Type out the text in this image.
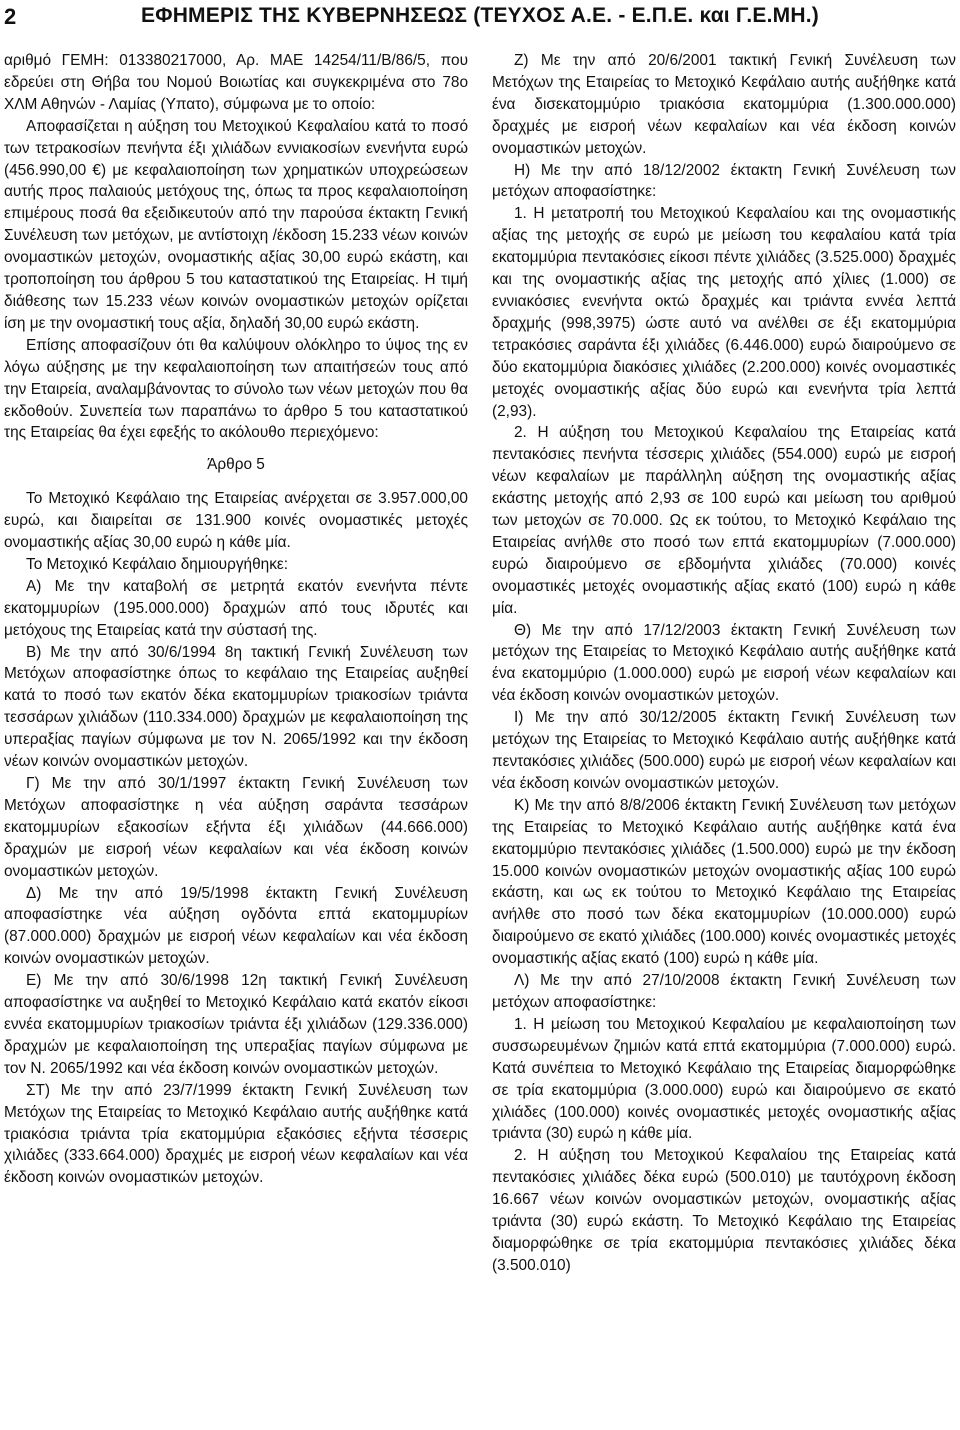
2	ΕΦΗΜΕΡΙΣ ΤΗΣ ΚΥΒΕΡΝΗΣΕΩΣ (ΤΕΥΧΟΣ Α.Ε. - Ε.Π.Ε. και Γ.Ε.ΜΗ.)

αριθμό ΓΕΜΗ: 013380217000, Αρ. ΜΑΕ 14254/11/Β/86/5, που εδρεύει στη Θήβα του Νομού Βοιωτίας και συγκεκριμένα στο 78ο ΧΛΜ Αθηνών - Λαμίας (Υπατο), σύμφωνα με το οποίο:

Αποφασίζεται η αύξηση του Μετοχικού Κεφαλαίου κατά το ποσό των τετρακοσίων πενήντα έξι χιλιάδων εννιακοσίων ενενήντα ευρώ (456.990,00 €) με κεφαλαιοποίηση των χρηματικών υποχρεώσεων αυτής προς παλαιούς μετόχους της, όπως τα προς κεφαλαιοποίηση επιμέρους ποσά θα εξειδικευτούν από την παρούσα έκτακτη Γενική Συνέλευση των μετόχων, με αντίστοιχη /έκδοση 15.233 νέων κοινών ονομαστικών μετοχών, ονομαστικής αξίας 30,00 ευρώ εκάστη, και τροποποίηση του άρθρου 5 του καταστατικού της Εταιρείας. Η τιμή διάθεσης των 15.233 νέων κοινών ονομαστικών μετοχών ορίζεται ίση με την ονομαστική τους αξία, δηλαδή 30,00 ευρώ εκάστη.

Επίσης αποφασίζουν ότι θα καλύψουν ολόκληρο το ύψος της εν λόγω αύξησης με την κεφαλαιοποίηση των απαιτήσεών τους από την Εταιρεία, αναλαμβάνοντας το σύνολο των νέων μετοχών που θα εκδοθούν. Συνεπεία των παραπάνω το άρθρο 5 του καταστατικού της Εταιρείας θα έχει εφεξής το ακόλουθο περιεχόμενο:

Άρθρο 5

Το Μετοχικό Κεφάλαιο της Εταιρείας ανέρχεται σε 3.957.000,00 ευρώ, και διαιρείται σε 131.900 κοινές ονομαστικές μετοχές ονομαστικής αξίας 30,00 ευρώ η κάθε μία.

Το Μετοχικό Κεφάλαιο δημιουργήθηκε:

Α) Με την καταβολή σε μετρητά εκατόν ενενήντα πέντε εκατομμυρίων (195.000.000) δραχμών από τους ιδρυτές και μετόχους της Εταιρείας κατά την σύστασή της.

Β) Με την από 30/6/1994 8η τακτική Γενική Συνέλευση των Μετόχων αποφασίστηκε όπως το κεφάλαιο της Εταιρείας αυξηθεί κατά το ποσό των εκατόν δέκα εκατομμυρίων τριακοσίων τριάντα τεσσάρων χιλιάδων (110.334.000) δραχμών με κεφαλαιοποίηση της υπεραξίας παγίων σύμφωνα με τον Ν. 2065/1992 και την έκδοση νέων κοινών ονομαστικών μετοχών.

Γ) Με την από 30/1/1997 έκτακτη Γενική Συνέλευση των Μετόχων αποφασίστηκε η νέα αύξηση σαράντα τεσσάρων εκατομμυρίων εξακοσίων εξήντα έξι χιλιάδων (44.666.000) δραχμών με εισροή νέων κεφαλαίων και νέα έκδοση κοινών ονομαστικών μετοχών.

Δ) Με την από 19/5/1998 έκτακτη Γενική Συνέλευση αποφασίστηκε νέα αύξηση ογδόντα επτά εκατομμυρίων (87.000.000) δραχμών με εισροή νέων κεφαλαίων και νέα έκδοση κοινών ονομαστικών μετοχών.

Ε) Με την από 30/6/1998 12η τακτική Γενική Συνέλευση αποφασίστηκε να αυξηθεί το Μετοχικό Κεφάλαιο κατά εκατόν είκοσι εννέα εκατομμυρίων τριακοσίων τριάντα έξι χιλιάδων (129.336.000) δραχμών με κεφαλαιοποίηση της υπεραξίας παγίων σύμφωνα με τον Ν. 2065/1992 και νέα έκδοση κοινών ονομαστικών μετοχών.

ΣΤ) Με την από 23/7/1999 έκτακτη Γενική Συνέλευση των Μετόχων της Εταιρείας το Μετοχικό Κεφάλαιο αυτής αυξήθηκε κατά τριακόσια τριάντα τρία εκατομμύρια εξακόσιες εξήντα τέσσερις χιλιάδες (333.664.000) δραχμές με εισροή νέων κεφαλαίων και νέα έκδοση κοινών ονομαστικών μετοχών.

Ζ) Με την από 20/6/2001 τακτική Γενική Συνέλευση των Μετόχων της Εταιρείας το Μετοχικό Κεφάλαιο αυτής αυξήθηκε κατά ένα δισεκατομμύριο τριακόσια εκατομμύρια (1.300.000.000) δραχμές με εισροή νέων κεφαλαίων και νέα έκδοση κοινών ονομαστικών μετοχών.

Η) Με την από 18/12/2002 έκτακτη Γενική Συνέλευση των μετόχων αποφασίστηκε:

1. Η μετατροπή του Μετοχικού Κεφαλαίου και της ονομαστικής αξίας της μετοχής σε ευρώ με μείωση του κεφαλαίου κατά τρία εκατομμύρια πεντακόσιες είκοσι πέντε χιλιάδες (3.525.000) δραχμές και της ονομαστικής αξίας της μετοχής από χίλιες (1.000) σε εννιακόσιες ενενήντα οκτώ δραχμές και τριάντα εννέα λεπτά δραχμής (998,3975) ώστε αυτό να ανέλθει σε έξι εκατομμύρια τετρακόσιες σαράντα έξι χιλιάδες (6.446.000) ευρώ διαιρούμενο σε δύο εκατομμύρια διακόσιες χιλιάδες (2.200.000) κοινές ονομαστικές μετοχές ονομαστικής αξίας δύο ευρώ και ενενήντα τρία λεπτά (2,93).

2. Η αύξηση του Μετοχικού Κεφαλαίου της Εταιρείας κατά πεντακόσιες πενήντα τέσσερις χιλιάδες (554.000) ευρώ με εισροή νέων κεφαλαίων με παράλληλη αύξηση της ονομαστικής αξίας εκάστης μετοχής από 2,93 σε 100 ευρώ και μείωση του αριθμού των μετοχών σε 70.000. Ως εκ τούτου, το Μετοχικό Κεφάλαιο της Εταιρείας ανήλθε στο ποσό των επτά εκατομμυρίων (7.000.000) ευρώ διαιρούμενο σε εβδομήντα χιλιάδες (70.000) κοινές ονομαστικές μετοχές ονομαστικής αξίας εκατό (100) ευρώ η κάθε μία.

Θ) Με την από 17/12/2003 έκτακτη Γενική Συνέλευση των μετόχων της Εταιρείας το Μετοχικό Κεφάλαιο αυτής αυξήθηκε κατά ένα εκατομμύριο (1.000.000) ευρώ με εισροή νέων κεφαλαίων και νέα έκδοση κοινών ονομαστικών μετοχών.

Ι) Με την από 30/12/2005 έκτακτη Γενική Συνέλευση των μετόχων της Εταιρείας το Μετοχικό Κεφάλαιο αυτής αυξήθηκε κατά πεντακόσιες χιλιάδες (500.000) ευρώ με εισροή νέων κεφαλαίων και νέα έκδοση κοινών ονομαστικών μετοχών.

Κ) Με την από 8/8/2006 έκτακτη Γενική Συνέλευση των μετόχων της Εταιρείας το Μετοχικό Κεφάλαιο αυτής αυξήθηκε κατά ένα εκατομμύριο πεντακόσιες χιλιάδες (1.500.000) ευρώ με την έκδοση 15.000 κοινών ονομαστικών μετοχών ονομαστικής αξίας 100 ευρώ εκάστη, και ως εκ τούτου το Μετοχικό Κεφάλαιο της Εταιρείας ανήλθε στο ποσό των δέκα εκατομμυρίων (10.000.000) ευρώ διαιρούμενο σε εκατό χιλιάδες (100.000) κοινές ονομαστικές μετοχές ονομαστικής αξίας εκατό (100) ευρώ η κάθε μία.

Λ) Με την από 27/10/2008 έκτακτη Γενική Συνέλευση των μετόχων αποφασίστηκε:

1. Η μείωση του Μετοχικού Κεφαλαίου με κεφαλαιοποίηση των συσσωρευμένων ζημιών κατά επτά εκατομμύρια (7.000.000) ευρώ. Κατά συνέπεια το Μετοχικό Κεφάλαιο της Εταιρείας διαμορφώθηκε σε τρία εκατομμύρια (3.000.000) ευρώ και διαιρούμενο σε εκατό χιλιάδες (100.000) κοινές ονομαστικές μετοχές ονομαστικής αξίας τριάντα (30) ευρώ η κάθε μία.

2. Η αύξηση του Μετοχικού Κεφαλαίου της Εταιρείας κατά πεντακόσιες χιλιάδες δέκα ευρώ (500.010) με ταυτόχρονη έκδοση 16.667 νέων κοινών ονομαστικών μετοχών, ονομαστικής αξίας τριάντα (30) ευρώ εκάστη. Το Μετοχικό Κεφάλαιο της Εταιρείας διαμορφώθηκε σε τρία εκατομμύρια πεντακόσιες χιλιάδες δέκα (3.500.010)
